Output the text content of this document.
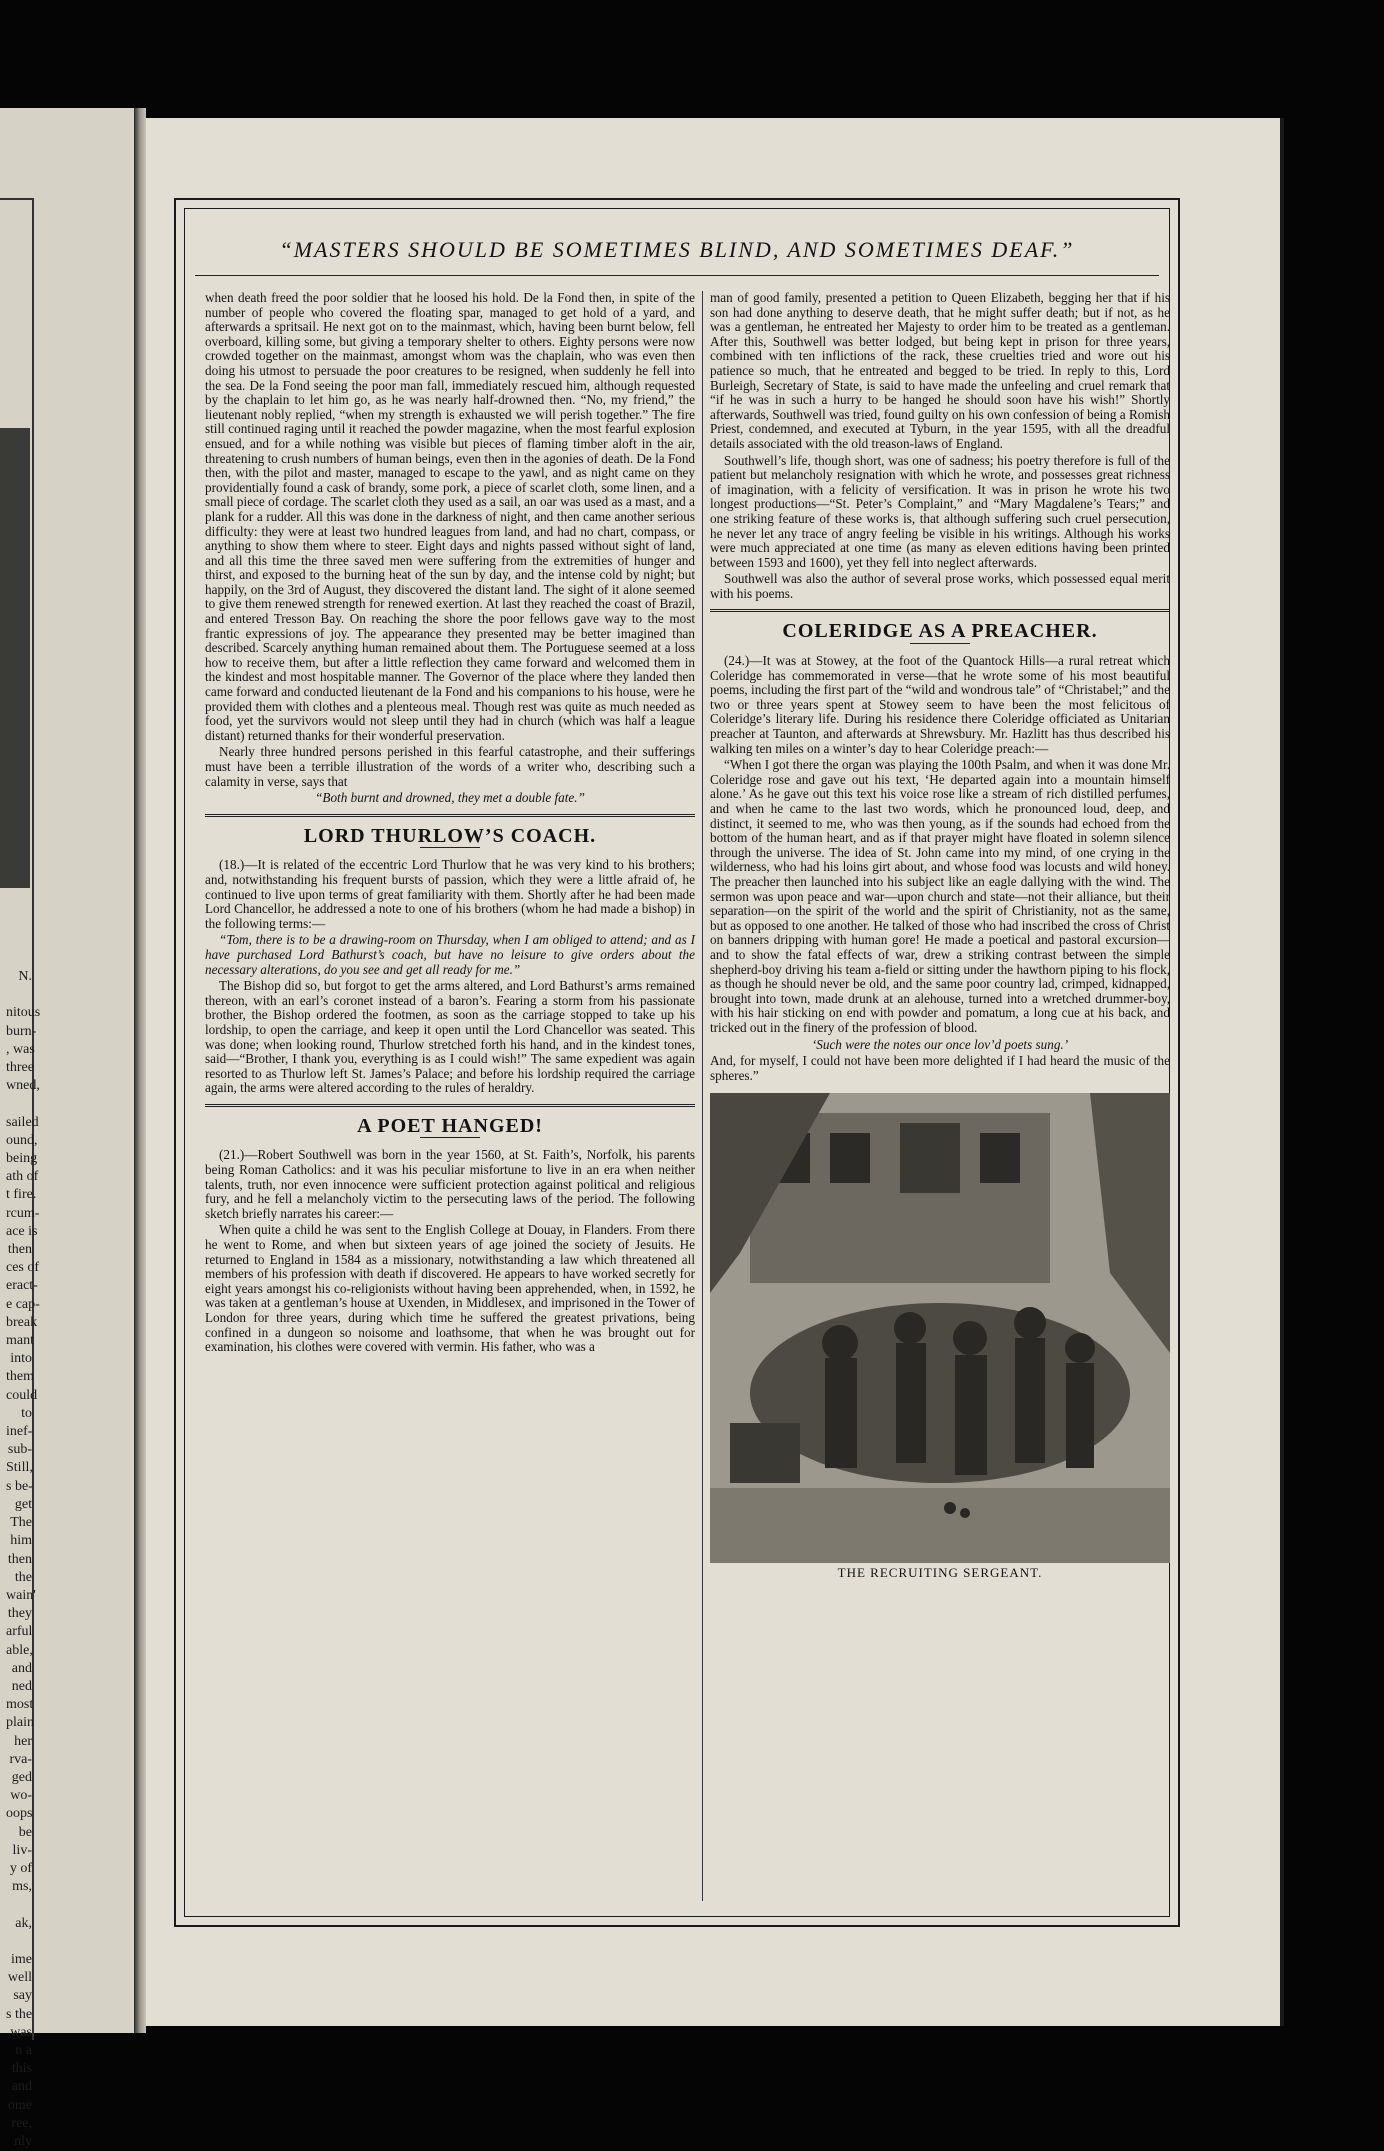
N.

nitous
burn-
, was
three
wned,

sailed
ound,
being
ath of
t fire.
rcum-
ace is
then
ces of
eract-
e cap-
break
mant
into
them
could
to
inef-
sub-
Still,
s be-
get
The
him
then
the
wain'
they
arful
able,
and
ned
most
plain
her
rva-
ged
wo-
oops
be
liv-
y of
ms,

ak,

ime
well
say
s the
was
n a
this
and
ome
ree,
nly
“MASTERS SHOULD BE SOMETIMES BLIND, AND SOMETIMES DEAF.”

when death freed the poor soldier that he loosed his hold. De la Fond then, in spite of the number of people who covered the floating spar, managed to get hold of a yard, and afterwards a spritsail. He next got on to the mainmast, which, having been burnt below, fell overboard, killing some, but giving a temporary shelter to others. Eighty persons were now crowded together on the mainmast, amongst whom was the chaplain, who was even then doing his utmost to persuade the poor creatures to be resigned, when suddenly he fell into the sea. De la Fond seeing the poor man fall, immediately rescued him, although requested by the chaplain to let him go, as he was nearly half-drowned then. “No, my friend,” the lieutenant nobly replied, “when my strength is exhausted we will perish together.” The fire still continued raging until it reached the powder magazine, when the most fearful explosion ensued, and for a while nothing was visible but pieces of flaming timber aloft in the air, threatening to crush numbers of human beings, even then in the agonies of death. De la Fond then, with the pilot and master, managed to escape to the yawl, and as night came on they providentially found a cask of brandy, some pork, a piece of scarlet cloth, some linen, and a small piece of cordage. The scarlet cloth they used as a sail, an oar was used as a mast, and a plank for a rudder. All this was done in the darkness of night, and then came another serious difficulty: they were at least two hundred leagues from land, and had no chart, compass, or anything to show them where to steer. Eight days and nights passed without sight of land, and all this time the three saved men were suffering from the extremities of hunger and thirst, and exposed to the burning heat of the sun by day, and the intense cold by night; but happily, on the 3rd of August, they discovered the distant land. The sight of it alone seemed to give them renewed strength for renewed exertion. At last they reached the coast of Brazil, and entered Tresson Bay. On reaching the shore the poor fellows gave way to the most frantic expressions of joy. The appearance they presented may be better imagined than described. Scarcely anything human remained about them. The Portuguese seemed at a loss how to receive them, but after a little reflection they came forward and welcomed them in the kindest and most hospitable manner. The Governor of the place where they landed then came forward and conducted lieutenant de la Fond and his companions to his house, were he provided them with clothes and a plenteous meal. Though rest was quite as much needed as food, yet the survivors would not sleep until they had in church (which was half a league distant) returned thanks for their wonderful preservation.

Nearly three hundred persons perished in this fearful catastrophe, and their sufferings must have been a terrible illustration of the words of a writer who, describing such a calamity in verse, says that

“Both burnt and drowned, they met a double fate.”

LORD THURLOW’S COACH.

(18.)—It is related of the eccentric Lord Thurlow that he was very kind to his brothers; and, notwithstanding his frequent bursts of passion, which they were a little afraid of, he continued to live upon terms of great familiarity with them. Shortly after he had been made Lord Chancellor, he addressed a note to one of his brothers (whom he had made a bishop) in the following terms:—

“Tom, there is to be a drawing-room on Thursday, when I am obliged to attend; and as I have purchased Lord Bathurst’s coach, but have no leisure to give orders about the necessary alterations, do you see and get all ready for me.”

The Bishop did so, but forgot to get the arms altered, and Lord Bathurst’s arms remained thereon, with an earl’s coronet instead of a baron’s. Fearing a storm from his passionate brother, the Bishop ordered the footmen, as soon as the carriage stopped to take up his lordship, to open the carriage, and keep it open until the Lord Chancellor was seated. This was done; when looking round, Thurlow stretched forth his hand, and in the kindest tones, said—“Brother, I thank you, everything is as I could wish!” The same expedient was again resorted to as Thurlow left St. James’s Palace; and before his lordship required the carriage again, the arms were altered according to the rules of heraldry.

A POET HANGED!

(21.)—Robert Southwell was born in the year 1560, at St. Faith’s, Norfolk, his parents being Roman Catholics: and it was his peculiar misfortune to live in an era when neither talents, truth, nor even innocence were sufficient protection against political and religious fury, and he fell a melancholy victim to the persecuting laws of the period. The following sketch briefly narrates his career:—

When quite a child he was sent to the English College at Douay, in Flanders. From there he went to Rome, and when but sixteen years of age joined the society of Jesuits. He returned to England in 1584 as a missionary, notwithstanding a law which threatened all members of his profession with death if discovered. He appears to have worked secretly for eight years amongst his co-religionists without having been apprehended, when, in 1592, he was taken at a gentleman’s house at Uxenden, in Middlesex, and imprisoned in the Tower of London for three years, during which time he suffered the greatest privations, being confined in a dungeon so noisome and loathsome, that when he was brought out for examination, his clothes were covered with vermin. His father, who was a

man of good family, presented a petition to Queen Elizabeth, begging her that if his son had done anything to deserve death, that he might suffer death; but if not, as he was a gentleman, he entreated her Majesty to order him to be treated as a gentleman. After this, Southwell was better lodged, but being kept in prison for three years, combined with ten inflictions of the rack, these cruelties tried and wore out his patience so much, that he entreated and begged to be tried. In reply to this, Lord Burleigh, Secretary of State, is said to have made the unfeeling and cruel remark that “if he was in such a hurry to be hanged he should soon have his wish!” Shortly afterwards, Southwell was tried, found guilty on his own confession of being a Romish Priest, condemned, and executed at Tyburn, in the year 1595, with all the dreadful details associated with the old treason-laws of England.

Southwell’s life, though short, was one of sadness; his poetry therefore is full of the patient but melancholy resignation with which he wrote, and possesses great richness of imagination, with a felicity of versification. It was in prison he wrote his two longest productions—“St. Peter’s Complaint,” and “Mary Magdalene’s Tears;” and one striking feature of these works is, that although suffering such cruel persecution, he never let any trace of angry feeling be visible in his writings. Although his works were much appreciated at one time (as many as eleven editions having been printed between 1593 and 1600), yet they fell into neglect afterwards.

Southwell was also the author of several prose works, which possessed equal merit with his poems.

COLERIDGE AS A PREACHER.

(24.)—It was at Stowey, at the foot of the Quantock Hills—a rural retreat which Coleridge has commemorated in verse—that he wrote some of his most beautiful poems, including the first part of the “wild and wondrous tale” of “Christabel;” and the two or three years spent at Stowey seem to have been the most felicitous of Coleridge’s literary life. During his residence there Coleridge officiated as Unitarian preacher at Taunton, and afterwards at Shrewsbury. Mr. Hazlitt has thus described his walking ten miles on a winter’s day to hear Coleridge preach:—

“When I got there the organ was playing the 100th Psalm, and when it was done Mr. Coleridge rose and gave out his text, ‘He departed again into a mountain himself alone.’ As he gave out this text his voice rose like a stream of rich distilled perfumes, and when he came to the last two words, which he pronounced loud, deep, and distinct, it seemed to me, who was then young, as if the sounds had echoed from the bottom of the human heart, and as if that prayer might have floated in solemn silence through the universe. The idea of St. John came into my mind, of one crying in the wilderness, who had his loins girt about, and whose food was locusts and wild honey. The preacher then launched into his subject like an eagle dallying with the wind. The sermon was upon peace and war—upon church and state—not their alliance, but their separation—on the spirit of the world and the spirit of Christianity, not as the same, but as opposed to one another. He talked of those who had inscribed the cross of Christ on banners dripping with human gore! He made a poetical and pastoral excursion—and to show the fatal effects of war, drew a striking contrast between the simple shepherd-boy driving his team a-field or sitting under the hawthorn piping to his flock, as though he should never be old, and the same poor country lad, crimped, kidnapped, brought into town, made drunk at an alehouse, turned into a wretched drummer-boy, with his hair sticking on end with powder and pomatum, a long cue at his back, and tricked out in the finery of the profession of blood.

‘Such were the notes our once lov’d poets sung.’

And, for myself, I could not have been more delighted if I had heard the music of the spheres.”

THE RECRUITING SERGEANT.
